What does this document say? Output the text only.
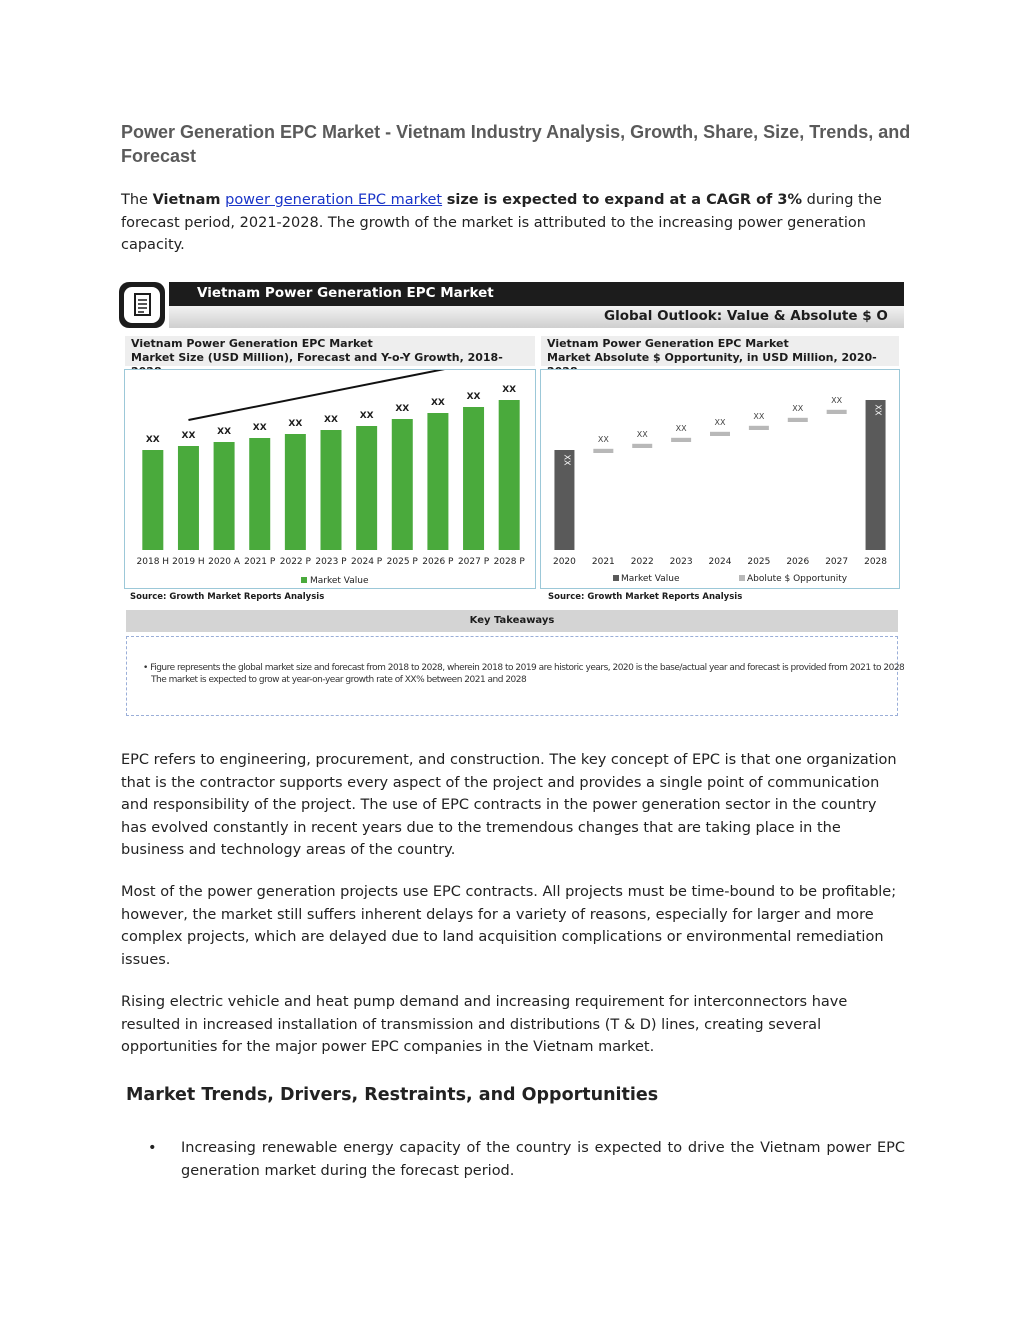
Power Generation EPC Market - Vietnam Industry Analysis, Growth, Share, Size, Trends, and Forecast

The Vietnam power generation EPC market size is expected to expand at a CAGR of 3% during the forecast period, 2021-2028. The growth of the market is attributed to the increasing power generation capacity.

Vietnam Power Generation EPC Market
Global Outlook: Value & Absolute $ O
Vietnam Power Generation EPC Market
Market Size (USD Million), Forecast and Y-o-Y Growth, 2018-
Vietnam Power Generation EPC Market
Market Absolute $ Opportunity, in USD Million, 2020-
XX
2018 H
XX
2019 H
XX
2020 A
XX
2021 P
XX
2022 P
XX
2023 P
XX
2024 P
XX
2025 P
XX
2026 P
XX
2027 P
XX
2028 P
Market Value
XX
2020
XX
2021
XX
2022
XX
2023
XX
2024
XX
2025
XX
2026
XX
2027
XX
2028
Market Value	Abolute $ Opportunity
Source: Growth Market Reports Analysis	Source: Growth Market Reports Analysis
Key Takeaways
• Figure represents the global market size and forecast from 2018 to 2028, wherein 2018 to 2019 are historic years, 2020 is the base/actual year and forecast is provided from 2021 to 2028
The market is expected to grow at year-on-year growth rate of XX% between 2021 and 2028

EPC refers to engineering, procurement, and construction. The key concept of EPC is that one organization that is the contractor supports every aspect of the project and provides a single point of communication and responsibility of the project. The use of EPC contracts in the power generation sector in the country has evolved constantly in recent years due to the tremendous changes that are taking place in the business and technology areas of the country.

Most of the power generation projects use EPC contracts. All projects must be time-bound to be profitable; however, the market still suffers inherent delays for a variety of reasons, especially for larger and more complex projects, which are delayed due to land acquisition complications or environmental remediation issues.

Rising electric vehicle and heat pump demand and increasing requirement for interconnectors have resulted in increased installation of transmission and distributions (T & D) lines, creating several opportunities for the major power EPC companies in the Vietnam market.

Market Trends, Drivers, Restraints, and Opportunities
• Increasing renewable energy capacity of the country is expected to drive the Vietnam power EPC generation market during the forecast period.
